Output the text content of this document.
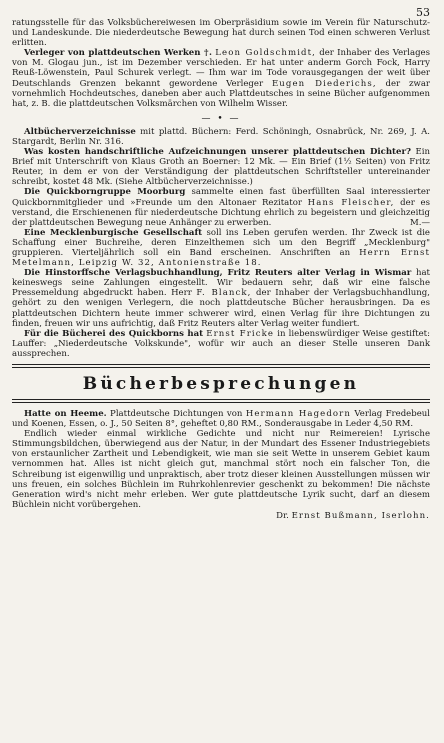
53

ratungsstelle für das Volksbüchereiwesen im Oberpräsidium sowie im Verein für Naturschutz- und Landeskunde. Die niederdeutsche Bewegung hat durch seinen Tod einen schweren Verlust erlitten.

Verleger von plattdeutschen Werken †. Leon Goldschmidt, der Inhaber des Verlages von M. Glogau jun., ist im Dezember verschieden. Er hat unter anderm Gorch Fock, Harry Reuß-Löwenstein, Paul Schurek verlegt. — Ihm war im Tode vorausgegangen der weit über Deutschlands Grenzen bekannt gewordene Verleger Eugen Diederichs, der zwar vornehmlich Hochdeutsches, daneben aber auch Plattdeutsches in seine Bücher aufgenommen hat, z. B. die plattdeutschen Volksmärchen von Wilhelm Wisser.

— • —

Altbücherverzeichnisse mit plattd. Büchern: Ferd. Schöningh, Osnabrück, Nr. 269, J. A. Stargardt, Berlin Nr. 316.

Was kosten handschriftliche Aufzeichnungen unserer plattdeutschen Dichter? Ein Brief mit Unterschrift von Klaus Groth an Boerner: 12 Mk. — Ein Brief (1½ Seiten) von Fritz Reuter, in dem er von der Verständigung der plattdeutschen Schriftsteller untereinander schreibt, kostet 48 Mk. (Siehe Altbücherverzeichnisse.)

Die Quickborngruppe Moorburg sammelte einen fast überfüllten Saal interessierter Quickbornmitglieder und »Freunde um den Altonaer Rezitator Hans Fleischer, der es verstand, die Erschienenen für niederdeutsche Dichtung ehrlich zu begeistern und gleichzeitig der plattdeutschen Bewegung neue Anhänger zu erwerben.	M.—

Eine Mecklenburgische Gesellschaft soll ins Leben gerufen werden. Ihr Zweck ist die Schaffung einer Buchreihe, deren Einzelthemen sich um den Begriff „Mecklenburg" gruppieren. Vierteljährlich soll ein Band erscheinen. Anschriften an Herrn Ernst Metelmann, Leipzig W. 32, Antonienstraße 18.

Die Hinstorffsche Verlagsbuchhandlung, Fritz Reuters alter Verlag in Wismar hat keineswegs seine Zahlungen eingestellt. Wir bedauern sehr, daß wir eine falsche Pressemeldung abgedruckt haben. Herr F. Blanck, der Inhaber der Verlagsbuchhandlung, gehört zu den wenigen Verlegern, die noch plattdeutsche Bücher herausbringen. Da es plattdeutschen Dichtern heute immer schwerer wird, einen Verlag für ihre Dichtungen zu finden, freuen wir uns aufrichtig, daß Fritz Reuters alter Verlag weiter fundiert.

Für die Bücherei des Quickborns hat Ernst Fricke in liebenswürdiger Weise gestiftet: Lauffer: „Niederdeutsche Volkskunde", wofür wir auch an dieser Stelle unseren Dank aussprechen.

Bücherbesprechungen

Hatte on Heeme. Plattdeutsche Dichtungen von Hermann Hagedorn Verlag Fredebeul und Koenen, Essen, o. J., 50 Seiten 8°, geheftet 0,80 RM., Sonderausgabe in Leder 4,50 RM.

Endlich wieder einmal wirkliche Gedichte und nicht nur Reimereien! Lyrische Stimmungsbildchen, überwiegend aus der Natur, in der Mundart des Essener Industriegebiets von erstaunlicher Zartheit und Lebendigkeit, wie man sie seit Wette in unserem Gebiet kaum vernommen hat. Alles ist nicht gleich gut, manchmal stört noch ein falscher Ton, die Schreibung ist eigenwillig und unpraktisch, aber trotz dieser kleinen Ausstellungen müssen wir uns freuen, ein solches Büchlein im Ruhrkohlenrevier geschenkt zu bekommen! Die nächste Generation wird's nicht mehr erleben. Wer gute plattdeutsche Lyrik sucht, darf an diesem Büchlein nicht vorübergehen.

Dr. Ernst Bußmann, Iserlohn.
